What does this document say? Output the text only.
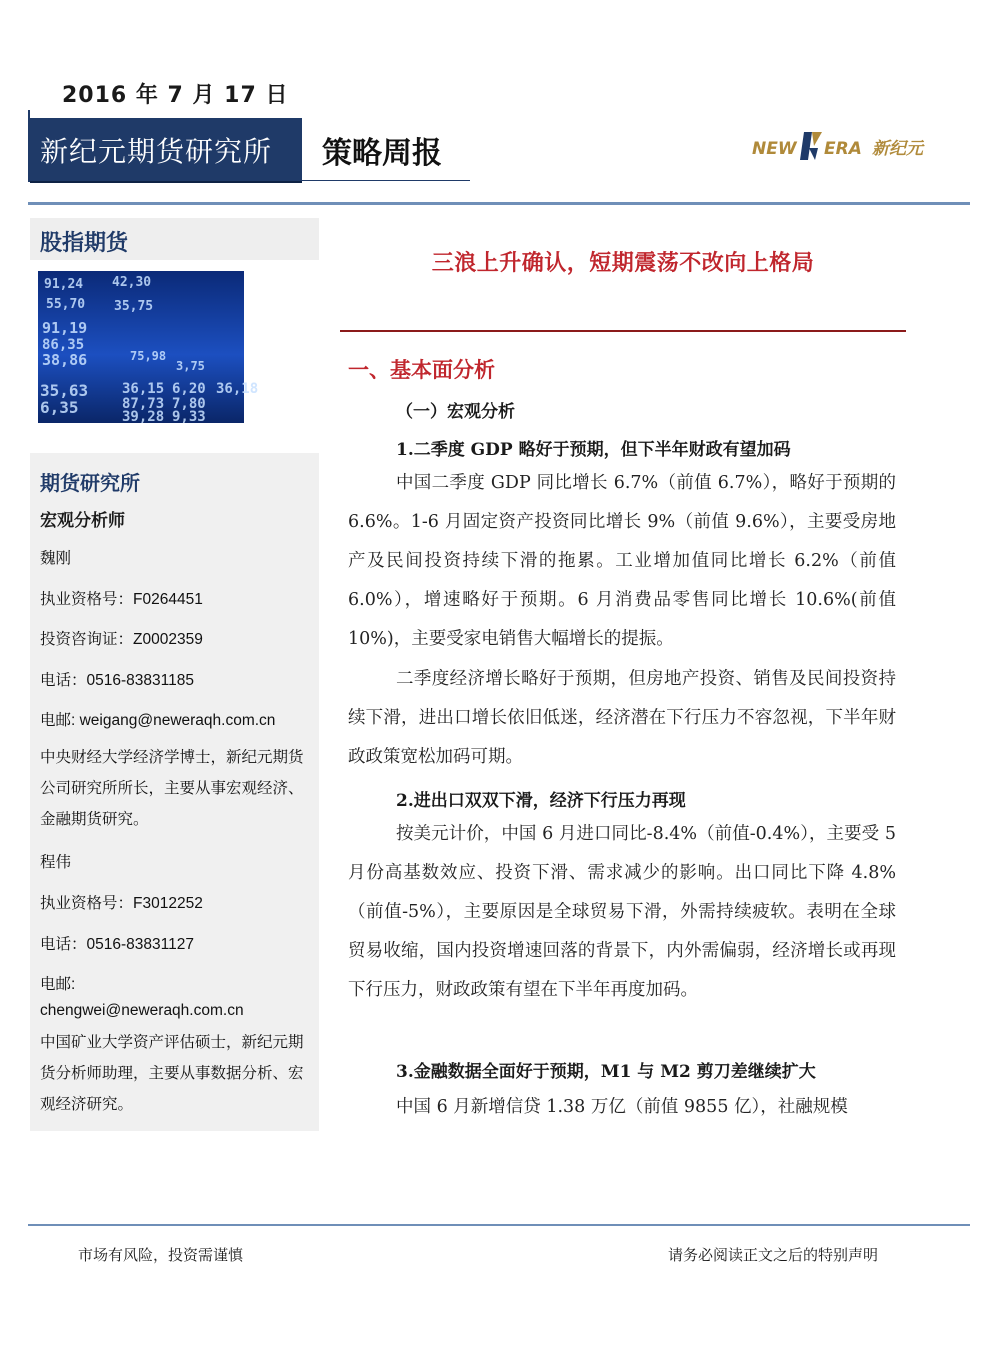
2016 年 7 月 17 日
新纪元期货研究所 策略周报	NEW ERA 新纪元
股指期货
91,24 42,30
55,70 35,75
91,19
86,35
38,86	75,98
3,75
35,63 36,15 6,20 36,18
6,35	87,73 7,80
39,28 9,33
期货研究所
宏观分析师
魏刚
执业资格号：F0264451
投资咨询证：Z0002359
电话：0516-83831185
电邮: weigang@neweraqh.com.cn
中央财经大学经济学博士，新纪元期货公司研究所所长，主要从事宏观经济、金融期货研究。
程伟
执业资格号：F3012252
电话：0516-83831127
电邮:
chengwei@neweraqh.com.cn
中国矿业大学资产评估硕士，新纪元期货分析师助理，主要从事数据分析、宏观经济研究。
三浪上升确认，短期震荡不改向上格局
一、基本面分析
（一）宏观分析
1.二季度 GDP 略好于预期，但下半年财政有望加码

中国二季度 GDP 同比增长 6.7%（前值 6.7%），略好于预期的 6.6%。1-6 月固定资产投资同比增长 9%（前值 9.6%），主要受房地产及民间投资持续下滑的拖累。工业增加值同比增长 6.2%（前值 6.0%），增速略好于预期。6 月消费品零售同比增长 10.6%(前值 10%)，主要受家电销售大幅增长的提振。

二季度经济增长略好于预期，但房地产投资、销售及民间投资持续下滑，进出口增长依旧低迷，经济潜在下行压力不容忽视，下半年财政政策宽松加码可期。

2.进出口双双下滑，经济下行压力再现

按美元计价，中国 6 月进口同比-8.4%（前值-0.4%），主要受 5 月份高基数效应、投资下滑、需求减少的影响。出口同比下降 4.8%（前值-5%），主要原因是全球贸易下滑，外需持续疲软。表明在全球贸易收缩，国内投资增速回落的背景下，内外需偏弱，经济增长或再现下行压力，财政政策有望在下半年再度加码。

3.金融数据全面好于预期，M1 与 M2 剪刀差继续扩大

中国 6 月新增信贷 1.38 万亿（前值 9855 亿），社融规模

市场有风险，投资需谨慎	请务必阅读正文之后的特别声明
